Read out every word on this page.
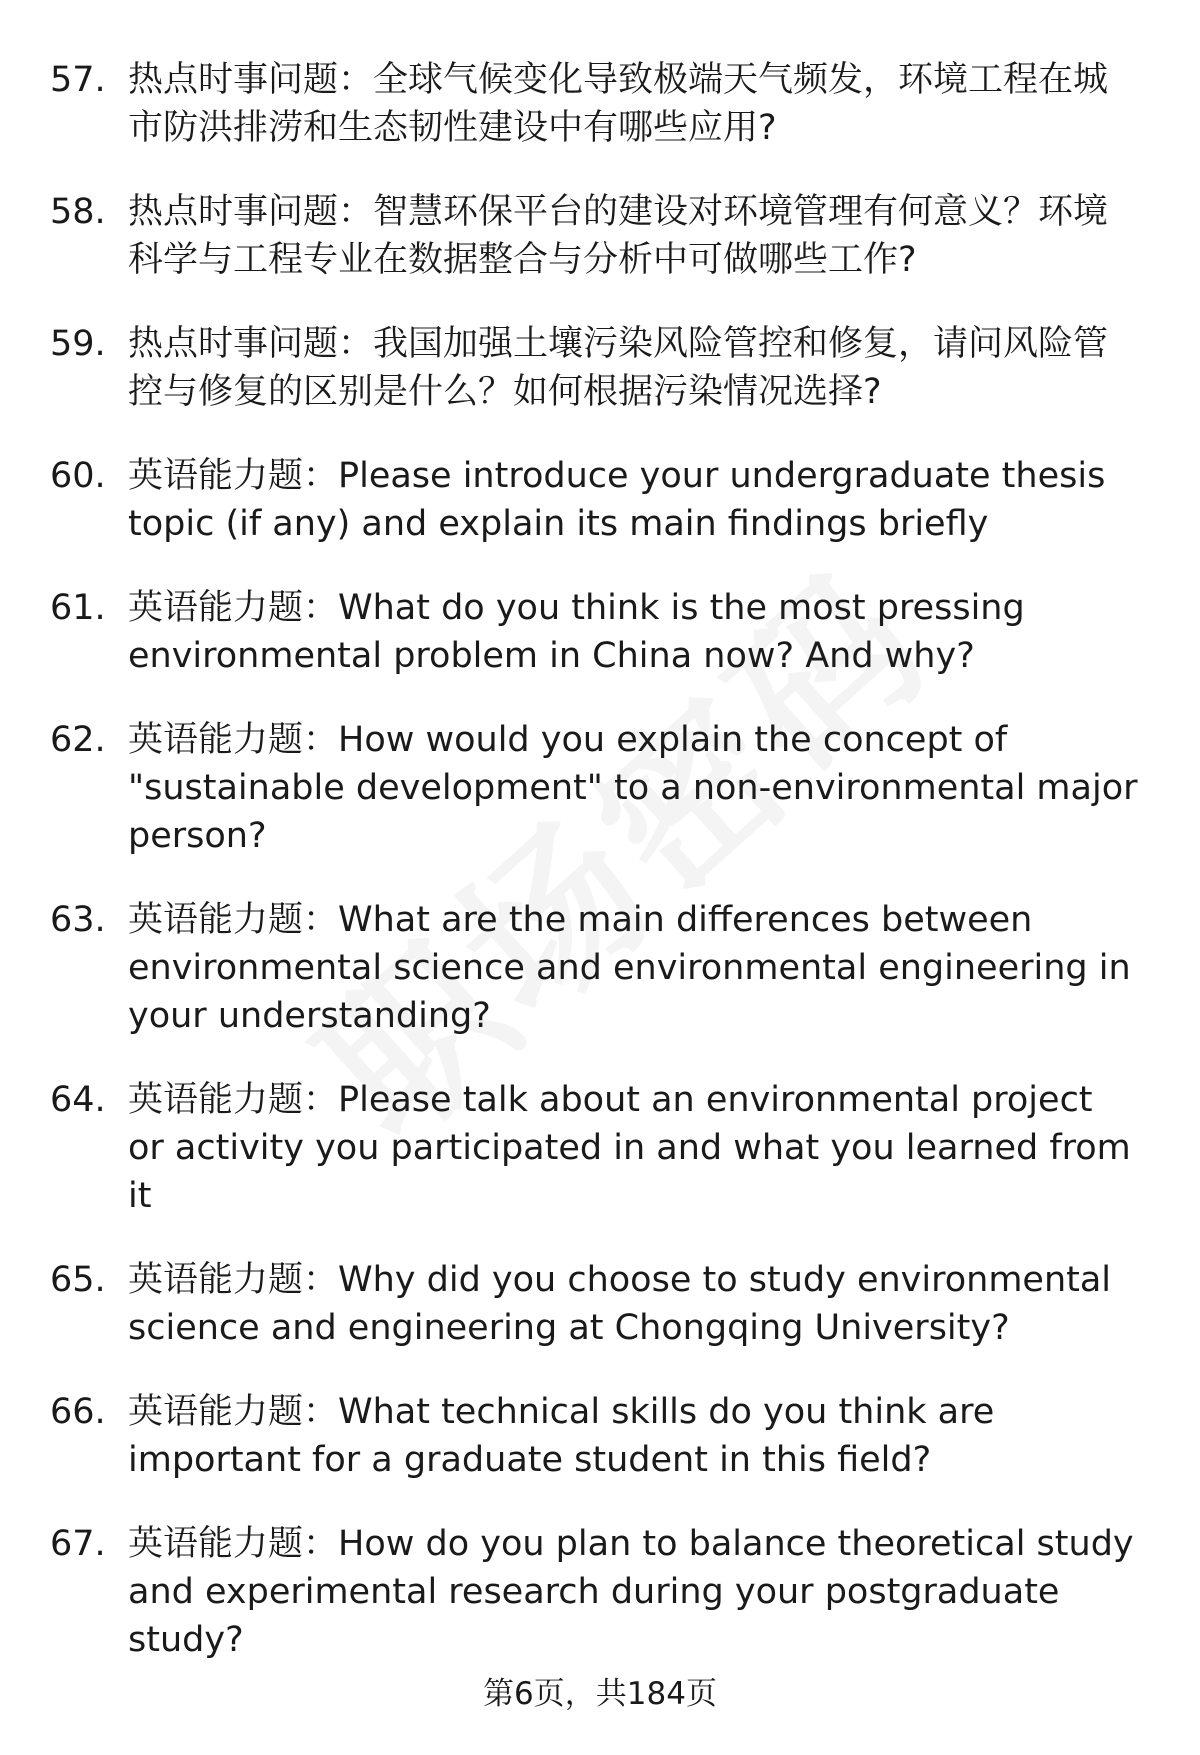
57. 热点时事问题：全球气候变化导致极端天气频发，环境工程在城市防洪排涝和生态韧性建设中有哪些应用?
58. 热点时事问题：智慧环保平台的建设对环境管理有何意义？环境科学与工程专业在数据整合与分析中可做哪些工作?
59. 热点时事问题：我国加强土壤污染风险管控和修复，请问风险管控与修复的区别是什么？如何根据污染情况选择?
60. 英语能力题：Please introduce your undergraduate thesis topic (if any) and explain its main findings briefly
61. 英语能力题：What do you think is the most pressing environmental problem in China now? And why?
62. 英语能力题：How would you explain the concept of "sustainable development" to a non-environmental major person?
63. 英语能力题：What are the main differences between environmental science and environmental engineering in your understanding?
64. 英语能力题：Please talk about an environmental project or activity you participated in and what you learned from it
65. 英语能力题：Why did you choose to study environmental science and engineering at Chongqing University?
66. 英语能力题：What technical skills do you think are important for a graduate student in this field?
67. 英语能力题：How do you plan to balance theoretical study and experimental research during your postgraduate study?
第6页，共184页
